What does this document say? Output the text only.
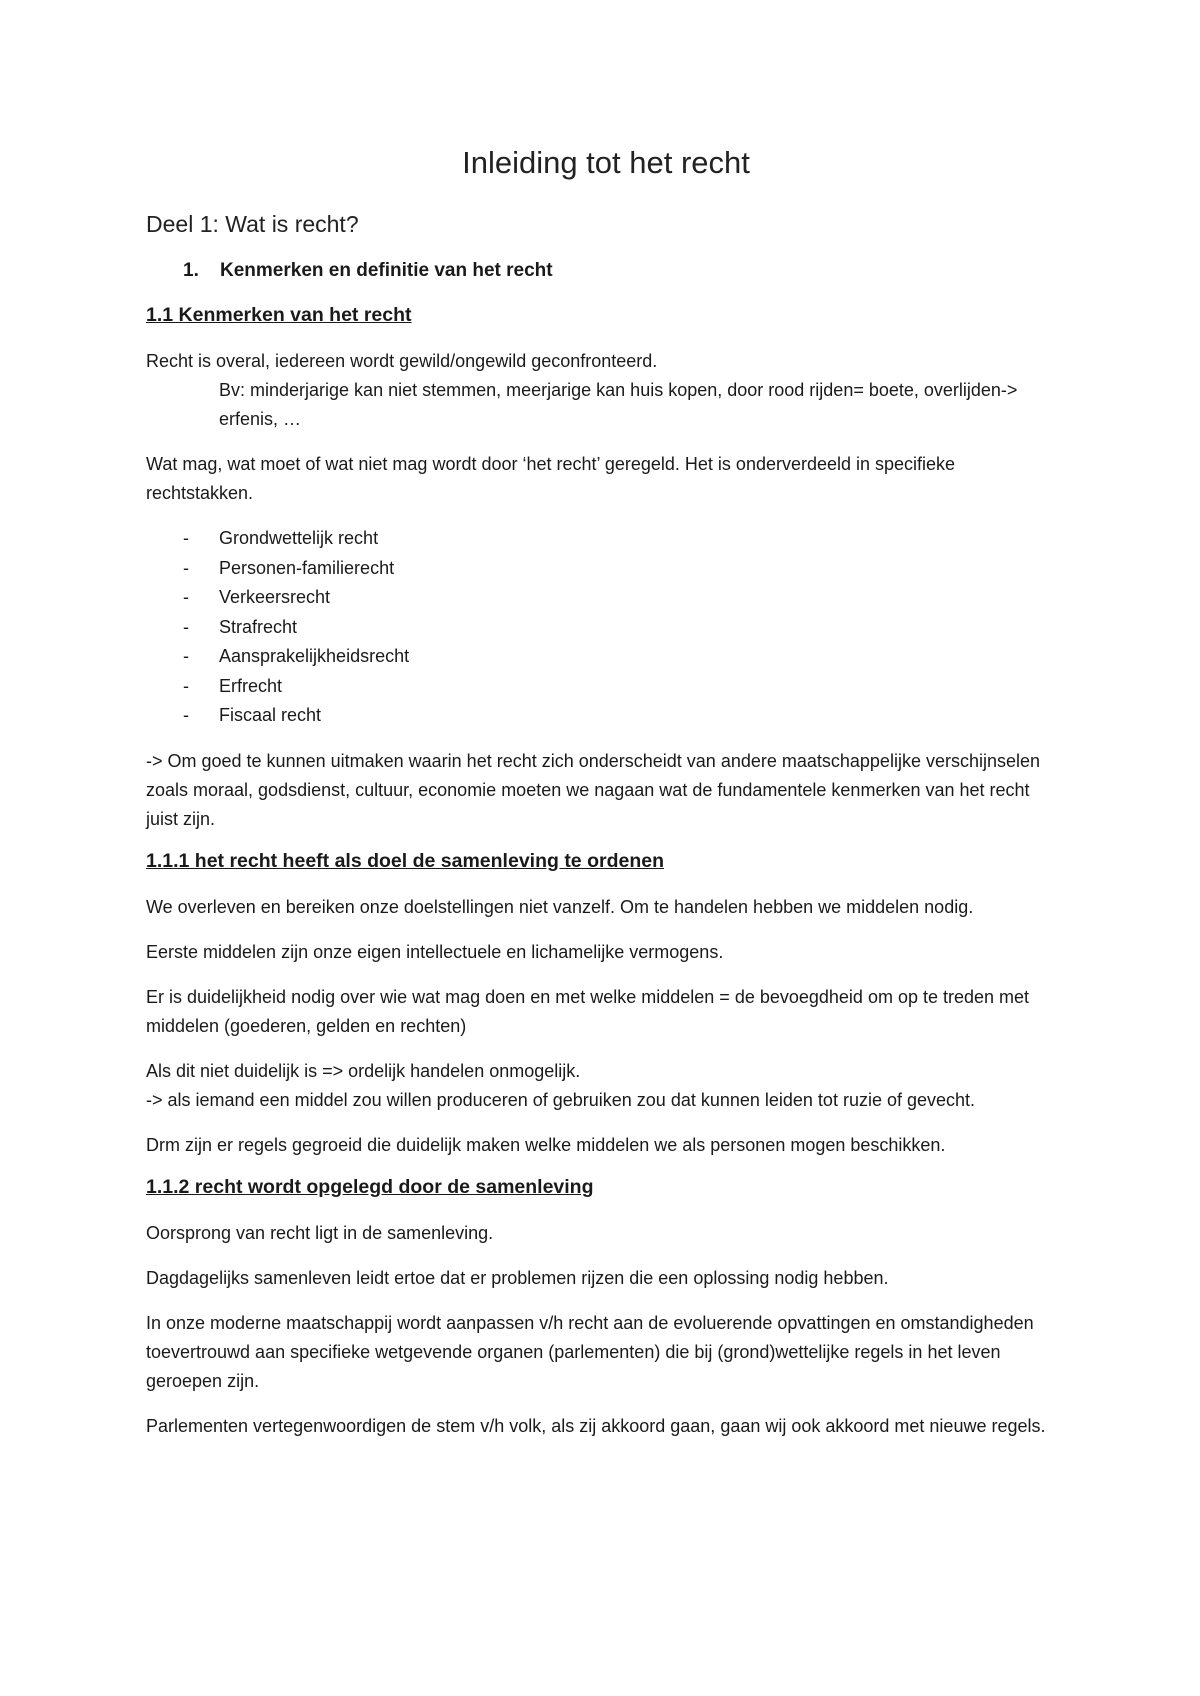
Inleiding tot het recht
Deel 1: Wat is recht?
1. Kenmerken en definitie van het recht
1.1 Kenmerken van het recht

Recht is overal, iedereen wordt gewild/ongewild geconfronteerd.
Bv: minderjarige kan niet stemmen, meerjarige kan huis kopen, door rood rijden= boete, overlijden-> erfenis, …

Wat mag, wat moet of wat niet mag wordt door ‘het recht’ geregeld. Het is onderverdeeld in specifieke rechtstakken.

- Grondwettelijk recht
- Personen-familierecht
- Verkeersrecht
- Strafrecht
- Aansprakelijkheidsrecht
- Erfrecht
- Fiscaal recht

-> Om goed te kunnen uitmaken waarin het recht zich onderscheidt van andere maatschappelijke verschijnselen zoals moraal, godsdienst, cultuur, economie moeten we nagaan wat de fundamentele kenmerken van het recht juist zijn.

1.1.1 het recht heeft als doel de samenleving te ordenen

We overleven en bereiken onze doelstellingen niet vanzelf. Om te handelen hebben we middelen nodig.

Eerste middelen zijn onze eigen intellectuele en lichamelijke vermogens.

Er is duidelijkheid nodig over wie wat mag doen en met welke middelen = de bevoegdheid om op te treden met middelen (goederen, gelden en rechten)

Als dit niet duidelijk is => ordelijk handelen onmogelijk.
-> als iemand een middel zou willen produceren of gebruiken zou dat kunnen leiden tot ruzie of gevecht.

Drm zijn er regels gegroeid die duidelijk maken welke middelen we als personen mogen beschikken.

1.1.2 recht wordt opgelegd door de samenleving

Oorsprong van recht ligt in de samenleving.

Dagdagelijks samenleven leidt ertoe dat er problemen rijzen die een oplossing nodig hebben.

In onze moderne maatschappij wordt aanpassen v/h recht aan de evoluerende opvattingen en omstandigheden toevertrouwd aan specifieke wetgevende organen (parlementen) die bij (grond)wettelijke regels in het leven geroepen zijn.

Parlementen vertegenwoordigen de stem v/h volk, als zij akkoord gaan, gaan wij ook akkoord met nieuwe regels.
